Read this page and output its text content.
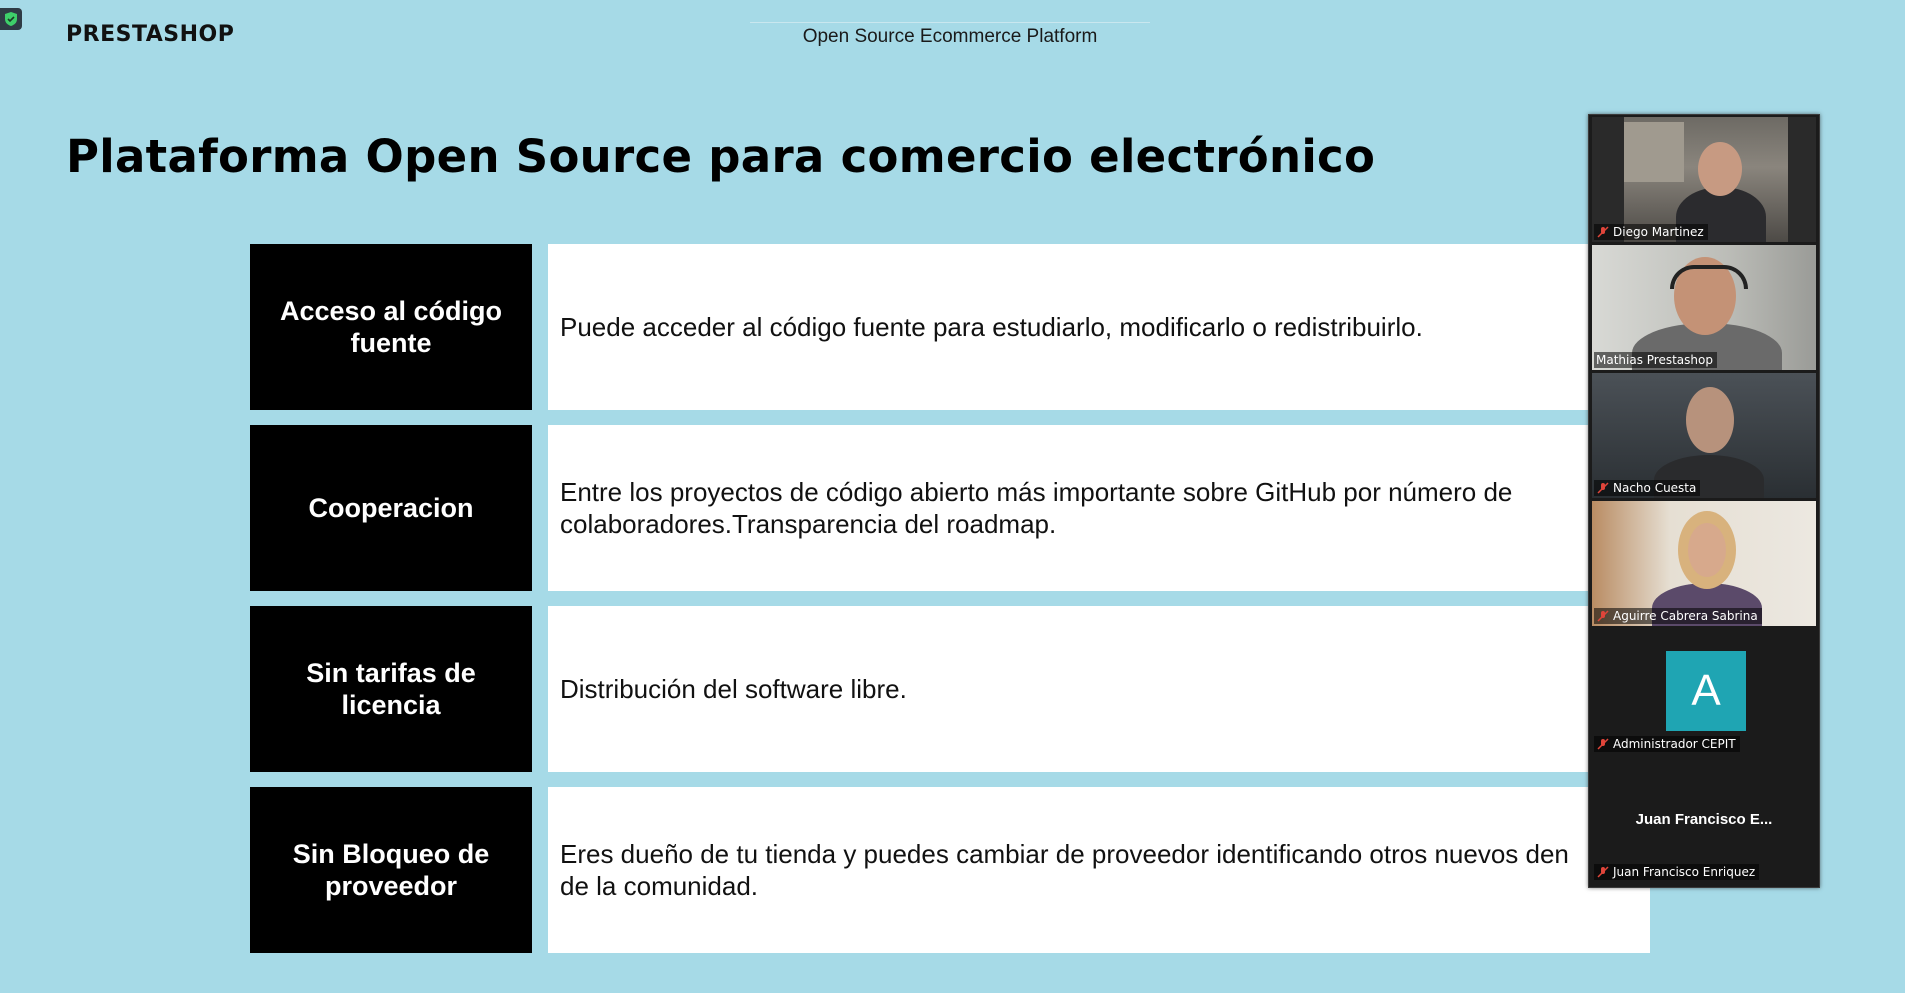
PRESTASHOP	Open Source Ecommerce Platform
Plataforma Open Source para comercio electrónico
Acceso al código fuente
Puede acceder al código fuente para estudiarlo, modificarlo o redistribuirlo.
Cooperacion
Entre los proyectos de código abierto más importante sobre GitHub por número de
colaboradores.Transparencia del roadmap.
Sin tarifas de licencia
Distribución del software libre.
Sin Bloqueo de proveedor
Eres dueño de tu tienda y puedes cambiar de proveedor identificando otros nuevos den
de la comunidad.
Diego Martinez
Mathias Prestashop
Nacho Cuesta
Aguirre Cabrera Sabrina
A
Administrador CEPIT
Juan Francisco E...
Juan Francisco Enriquez
